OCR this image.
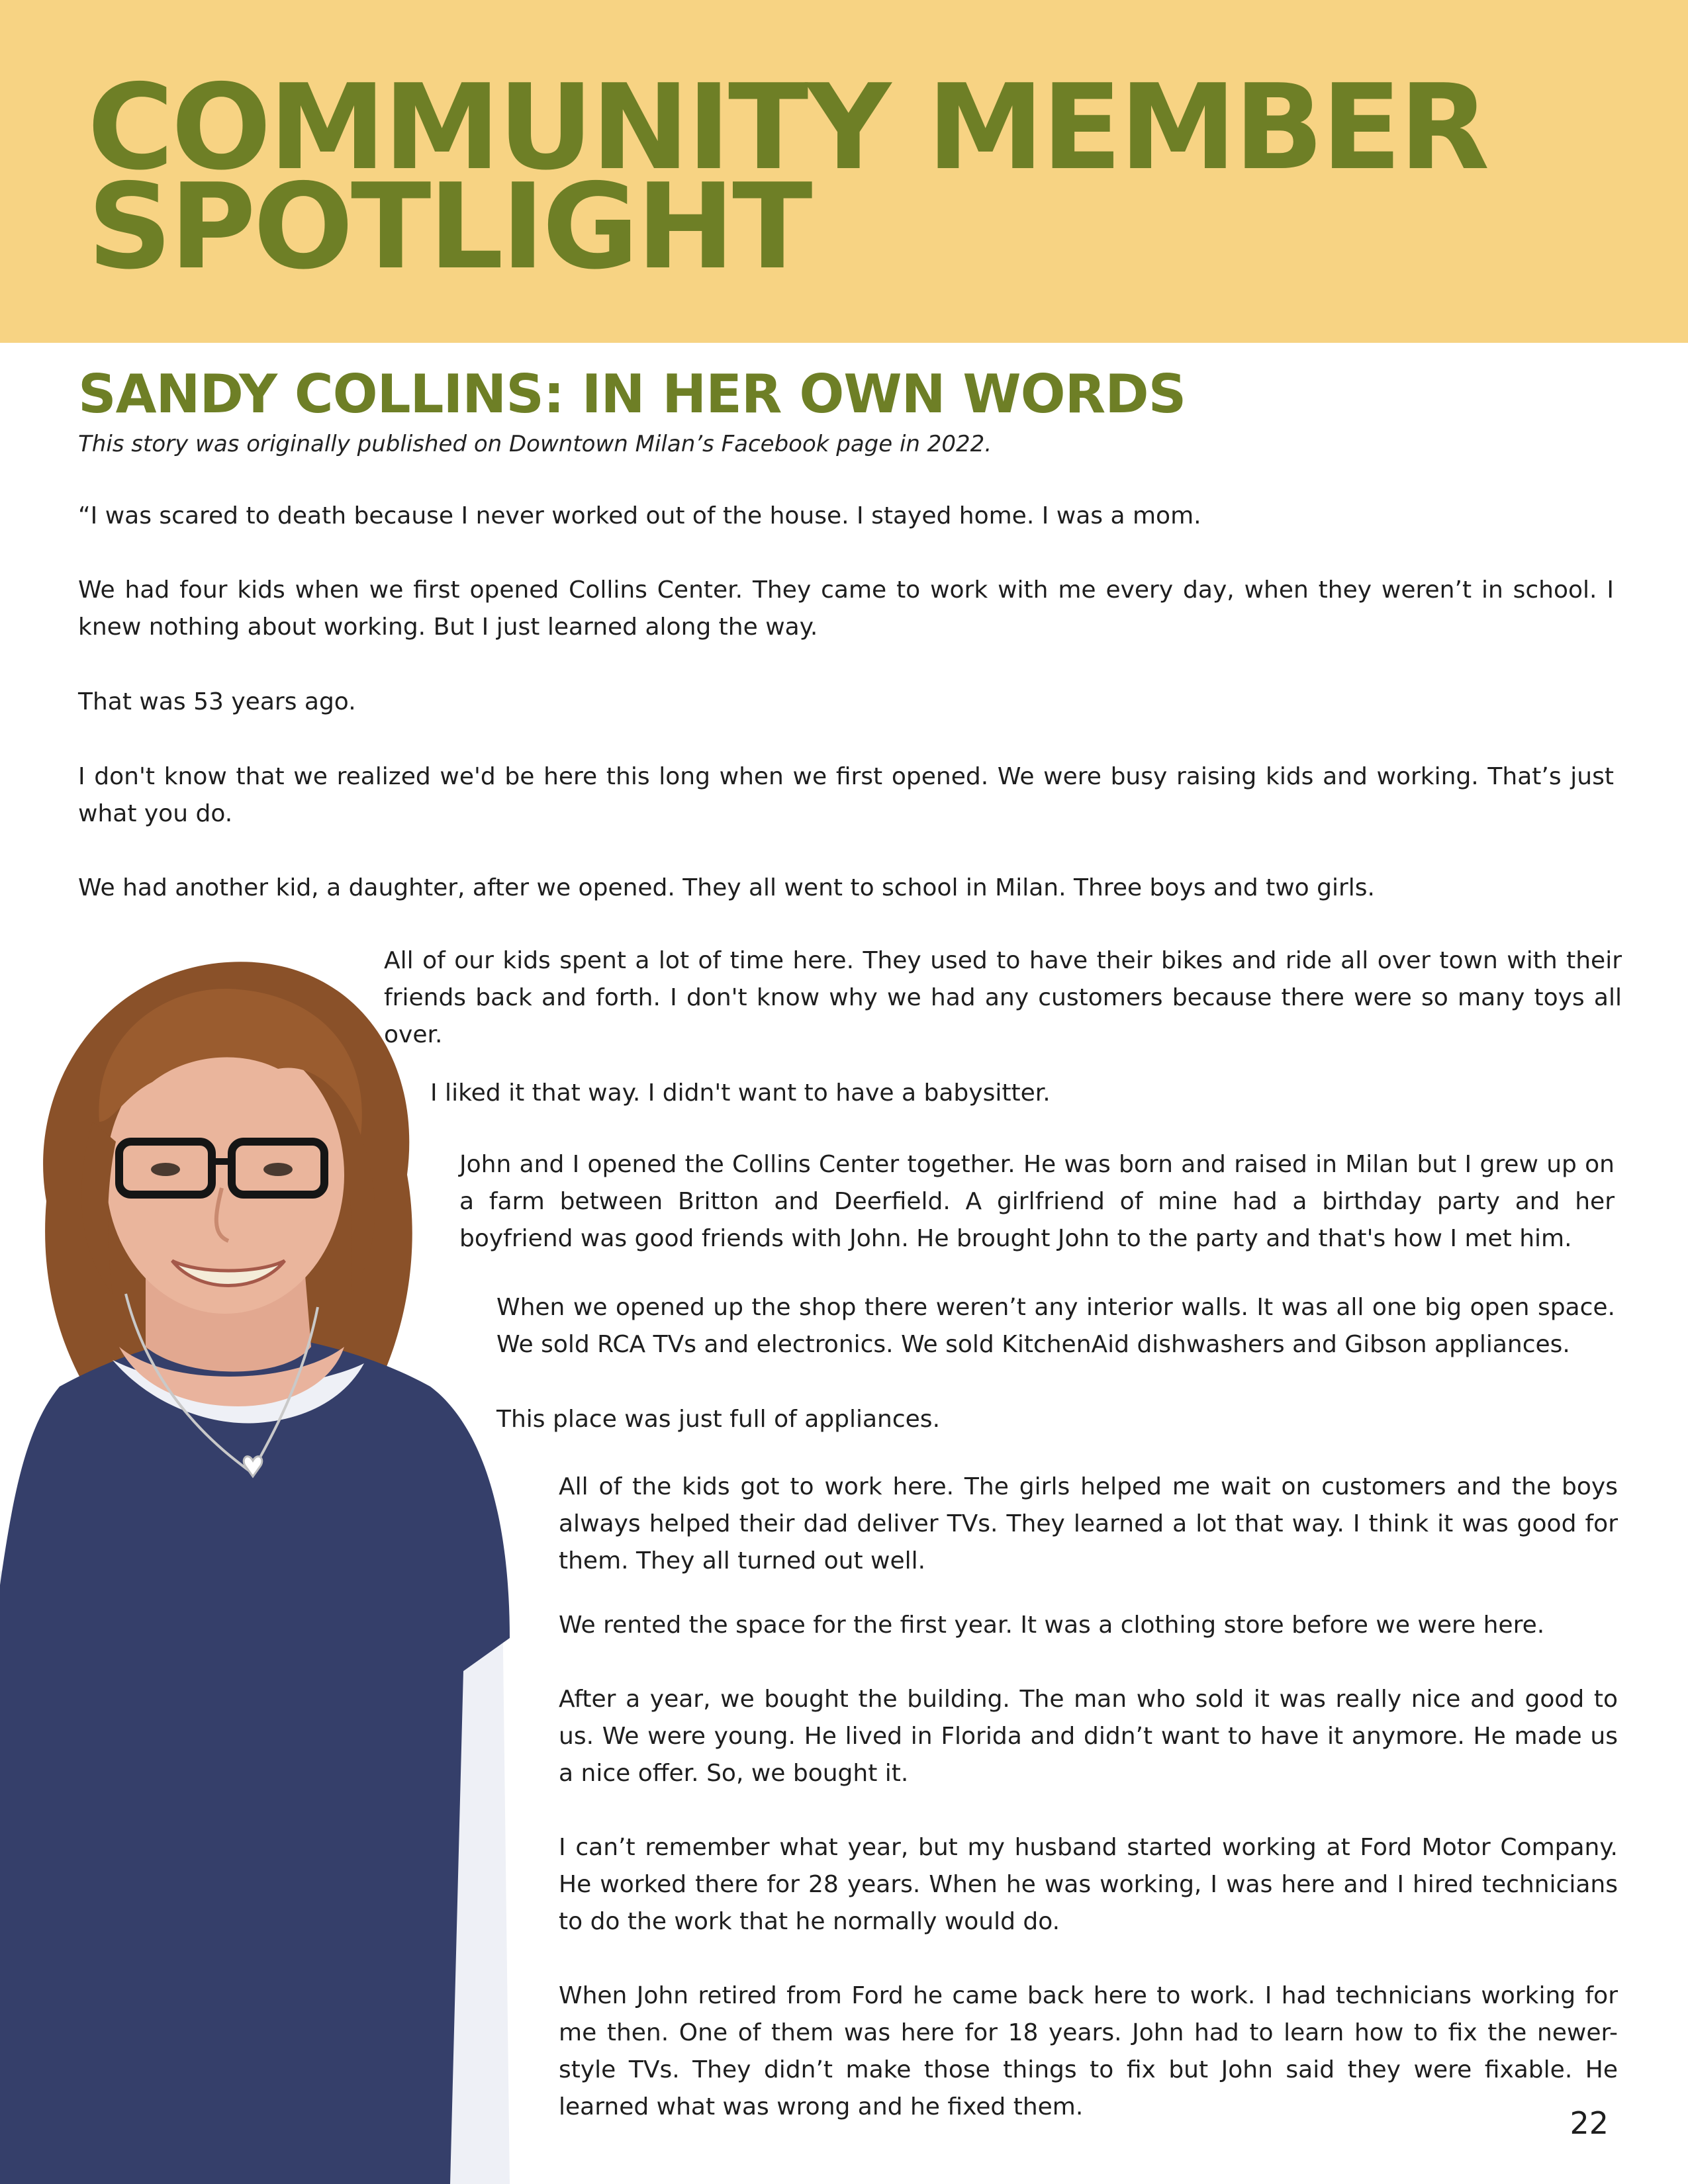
COMMUNITY MEMBER
SPOTLIGHT
SANDY COLLINS: IN HER OWN WORDS

This story was originally published on Downtown Milan’s Facebook page in 2022.

“I was scared to death because I never worked out of the house. I stayed home. I was a mom.

We had four kids when we first opened Collins Center. They came to work with me every day, when they weren’t in school. I knew nothing about working. But I just learned along the way.

That was 53 years ago.

I don't know that we realized we'd be here this long when we first opened. We were busy raising kids and working. That’s just what you do.

We had another kid, a daughter, after we opened. They all went to school in Milan. Three boys and two girls.

All of our kids spent a lot of time here. They used to have their bikes and ride all over town with their friends back and forth. I don't know why we had any customers because there were so many toys all over.

I liked it that way. I didn't want to have a babysitter.

John and I opened the Collins Center together. He was born and raised in Milan but I grew up on a farm between Britton and Deerfield. A girlfriend of mine had a birthday party and her boyfriend was good friends with John. He brought John to the party and that's how I met him.

When we opened up the shop there weren’t any interior walls. It was all one big open space. We sold RCA TVs and electronics. We sold KitchenAid dishwashers and Gibson appliances.

This place was just full of appliances.

All of the kids got to work here. The girls helped me wait on customers and the boys always helped their dad deliver TVs. They learned a lot that way. I think it was good for them. They all turned out well.

We rented the space for the first year. It was a clothing store before we were here.

After a year, we bought the building. The man who sold it was really nice and good to us. We were young. He lived in Florida and didn’t want to have it anymore. He made us a nice offer. So, we bought it.

I can’t remember what year, but my husband started working at Ford Motor Company. He worked there for 28 years. When he was working, I was here and I hired technicians to do the work that he normally would do.

When John retired from Ford he came back here to work. I had technicians working for me then. One of them was here for 18 years. John had to learn how to fix the newer-style TVs. They didn’t make those things to fix but John said they were fixable. He learned what was wrong and he fixed them.	22
